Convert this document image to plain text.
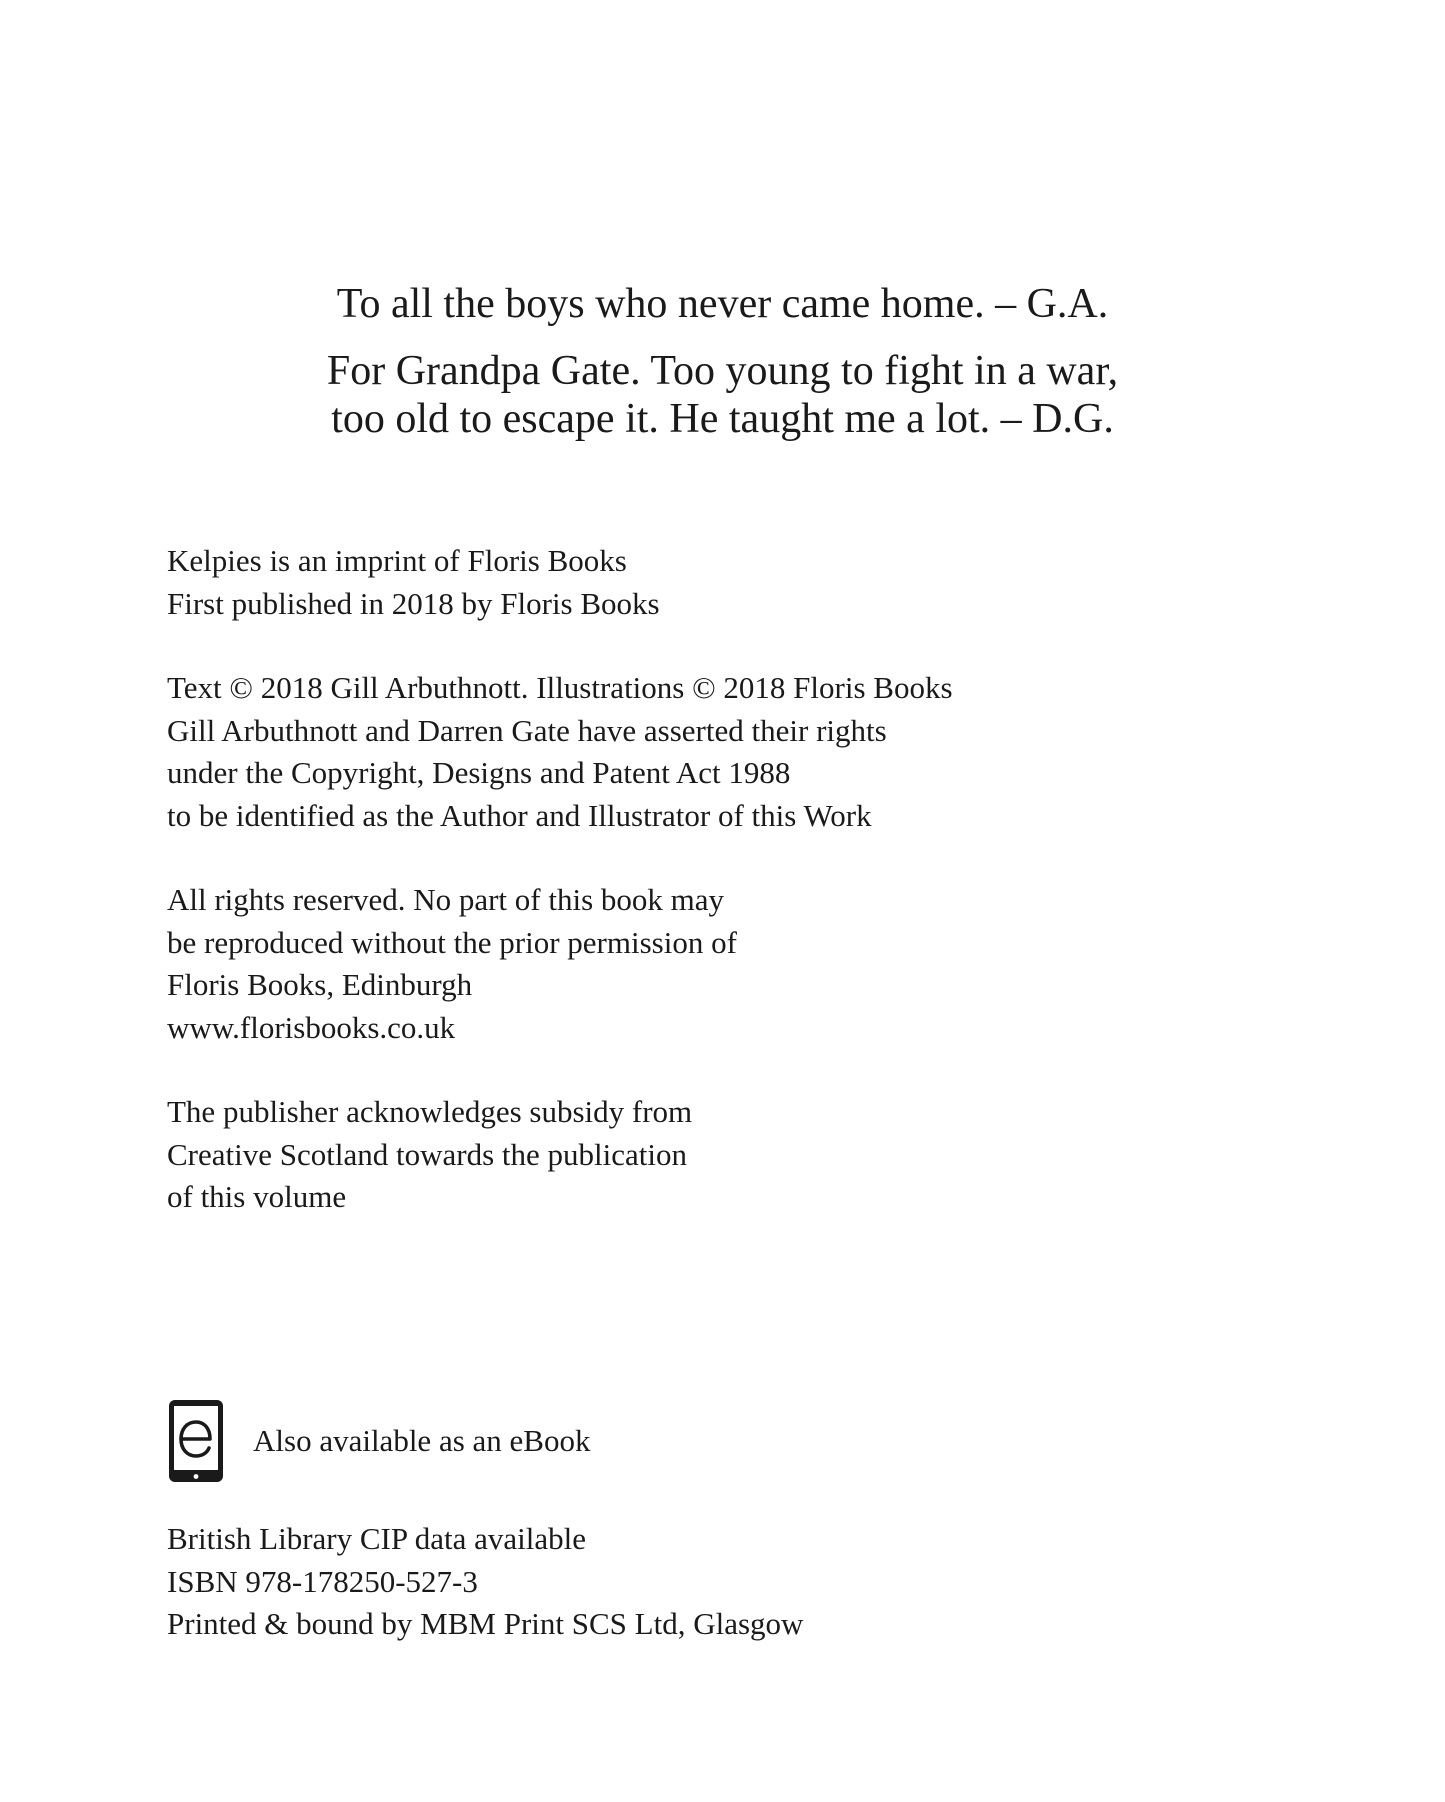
To all the boys who never came home. – G.A.

For Grandpa Gate. Too young to fight in a war,

too old to escape it. He taught me a lot. – D.G.

Kelpies is an imprint of Floris Books
First published in 2018 by Floris Books
Text © 2018 Gill Arbuthnott. Illustrations © 2018 Floris Books
Gill Arbuthnott and Darren Gate have asserted their rights
under the Copyright, Designs and Patent Act 1988
to be identified as the Author and Illustrator of this Work
All rights reserved. No part of this book may
be reproduced without the prior permission of
Floris Books, Edinburgh
www.florisbooks.co.uk
The publisher acknowledges subsidy from
Creative Scotland towards the publication
of this volume
Also available as an eBook
British Library CIP data available
ISBN 978-178250-527-3
Printed & bound by MBM Print SCS Ltd, Glasgow
